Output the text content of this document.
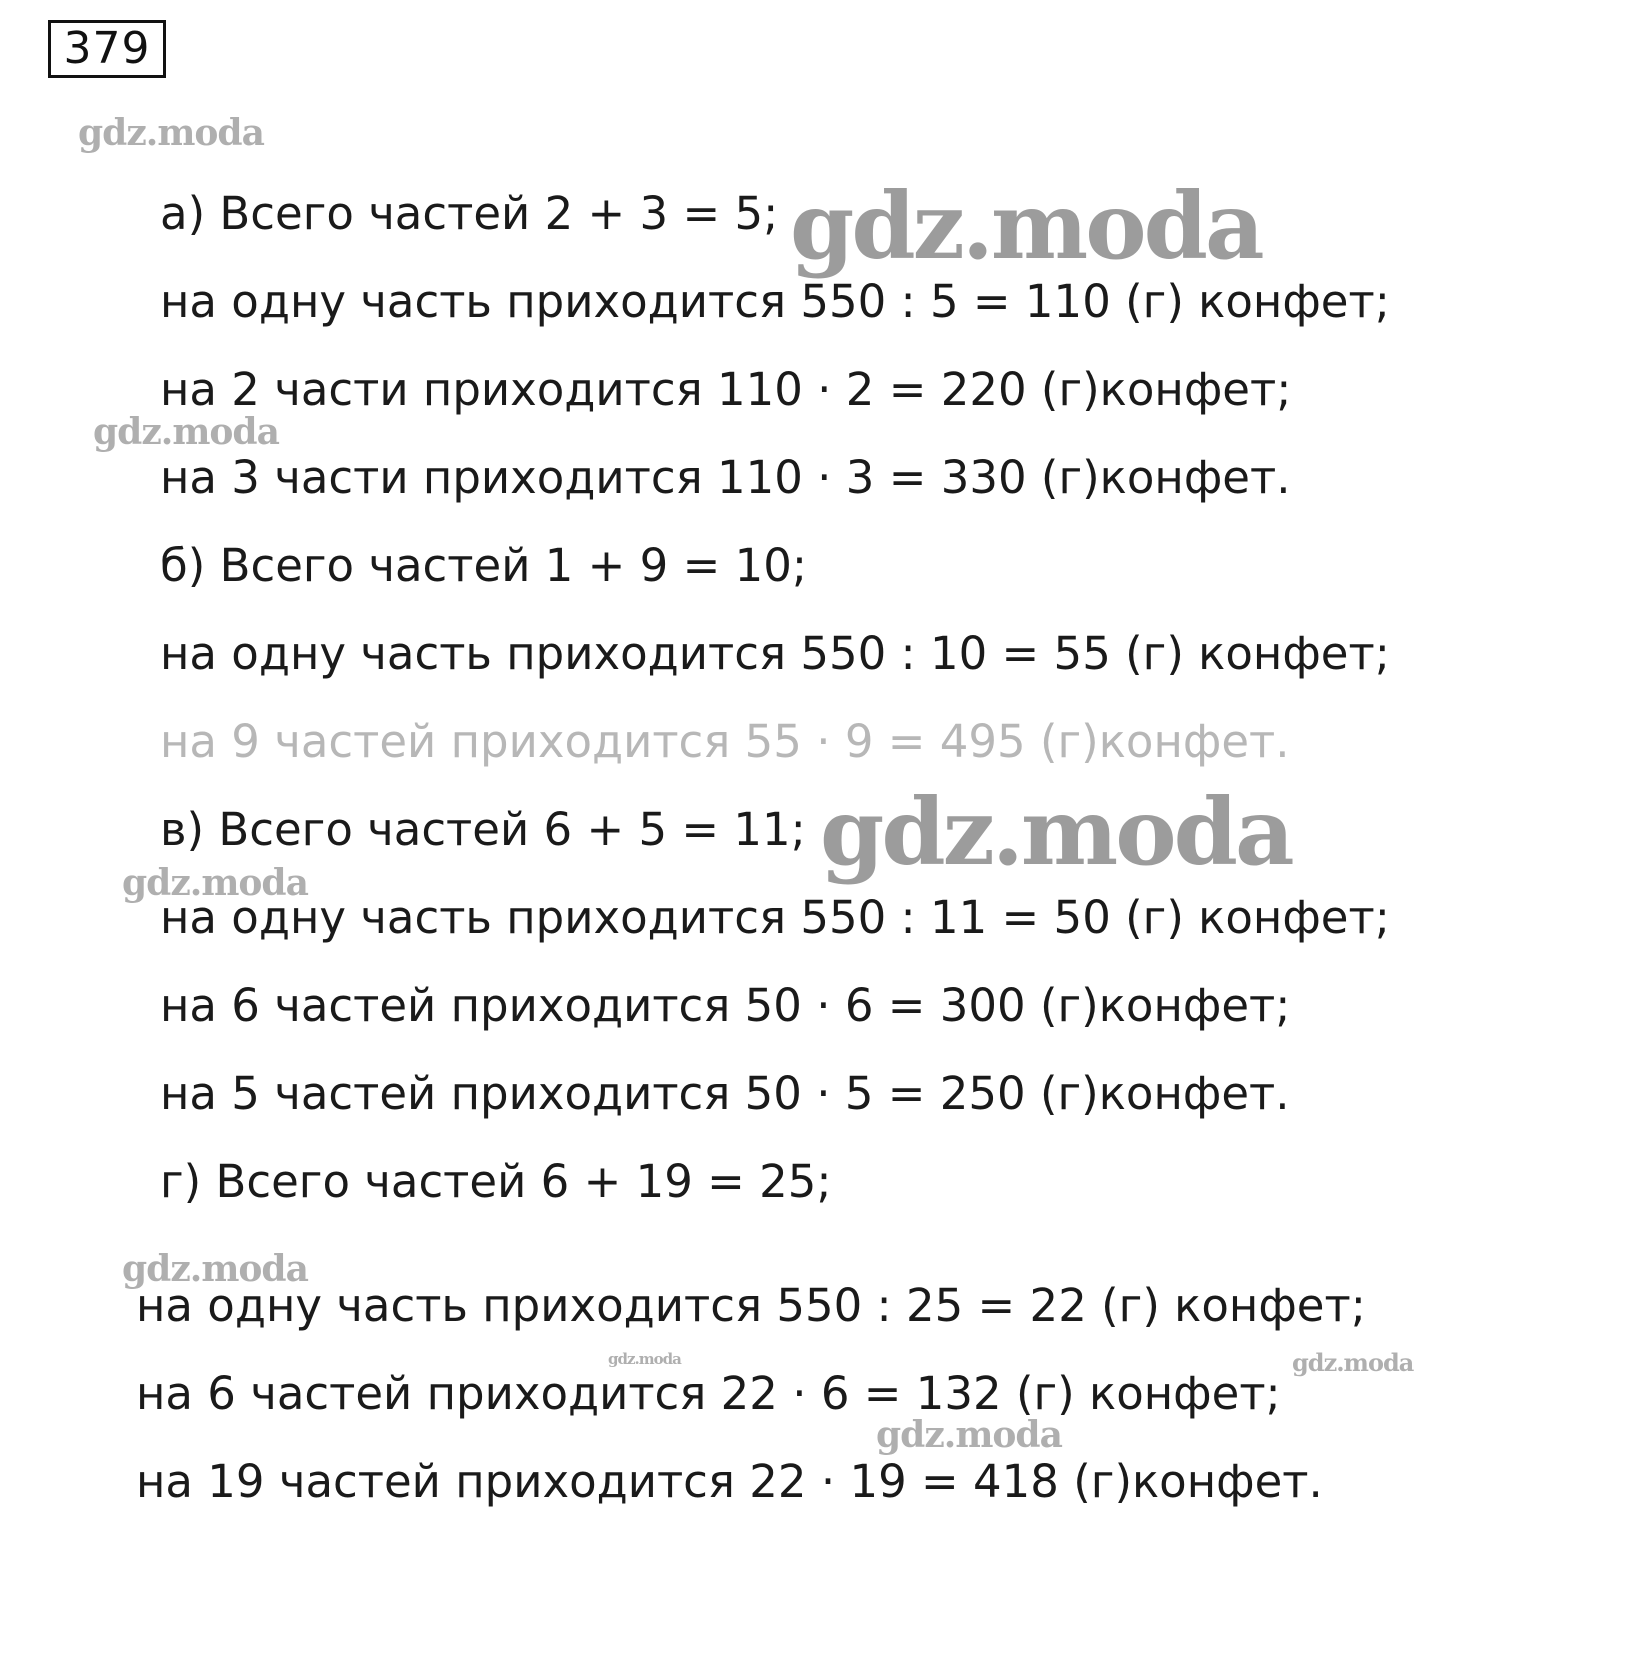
379
gdz.moda
gdz.moda
gdz.moda
gdz.moda
gdz.moda
gdz.moda
gdz.moda	gdz.moda
gdz.moda
а) Всего частей 2 + 3 = 5;
на одну часть приходится 550 : 5 = 110 (г) конфет;
на 2 части приходится 110 · 2 = 220 (г)конфет;
на 3 части приходится 110 · 3 = 330 (г)конфет.
б) Всего частей 1 + 9 = 10;
на одну часть приходится 550 : 10 = 55 (г) конфет;
на 9 частей приходится 55 · 9 = 495 (г)конфет.
в) Всего частей 6 + 5 = 11;
на одну часть приходится 550 : 11 = 50 (г) конфет;
на 6 частей приходится 50 · 6 = 300 (г)конфет;
на 5 частей приходится 50 · 5 = 250 (г)конфет.
г) Всего частей 6 + 19 = 25;
на одну часть приходится 550 : 25 = 22 (г) конфет;
на 6 частей приходится 22 · 6 = 132 (г) конфет;
на 19 частей приходится 22 · 19 = 418 (г)конфет.
